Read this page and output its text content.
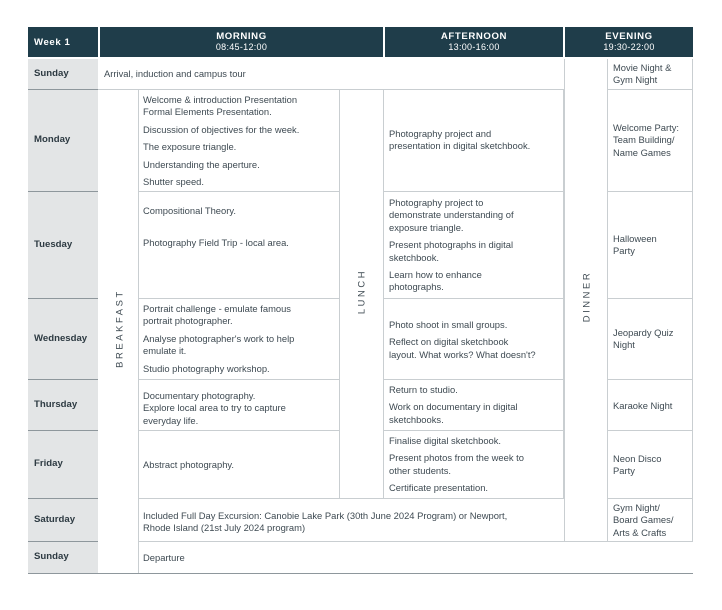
Week 1
MORNING
08:45-12:00
AFTERNOON
13:00-16:00
EVENING
19:30-22:00
Sunday
Monday
Tuesday
Wednesday
Thursday
Friday
Saturday
Sunday
BREAKFAST	LUNCH	DINNER
Arrival, induction and campus tour
Movie Night &
Gym Night
Welcome & introduction Presentation
Formal Elements Presentation.
Discussion of objectives for the week.
The exposure triangle.
Understanding the aperture.
Shutter speed.
Photography project and
presentation in digital sketchbook.
Welcome Party:
Team Building/
Name Games
Compositional Theory.
Photography Field Trip - local area.
Photography project to
demonstrate understanding of
exposure triangle.
Present photographs in digital
sketchbook.
Learn how to enhance
photographs.
Halloween
Party
Portrait challenge - emulate famous
portrait photographer.
Analyse photographer's work to help
emulate it.
Studio photography workshop.
Photo shoot in small groups.
Reflect on digital sketchbook
layout. What works? What doesn't?
Jeopardy Quiz
Night
Documentary photography.
Explore local area to try to capture
everyday life.
Return to studio.
Work on documentary in digital
sketchbooks.
Karaoke Night
Abstract photography.
Finalise digital sketchbook.
Present photos from the week to
other students.
Certificate presentation.
Neon Disco
Party
Included Full Day Excursion: Canobie Lake Park (30th June 2024 Program) or Newport,
Rhode Island (21st July 2024 program)
Gym Night/
Board Games/
Arts & Crafts
Departure
